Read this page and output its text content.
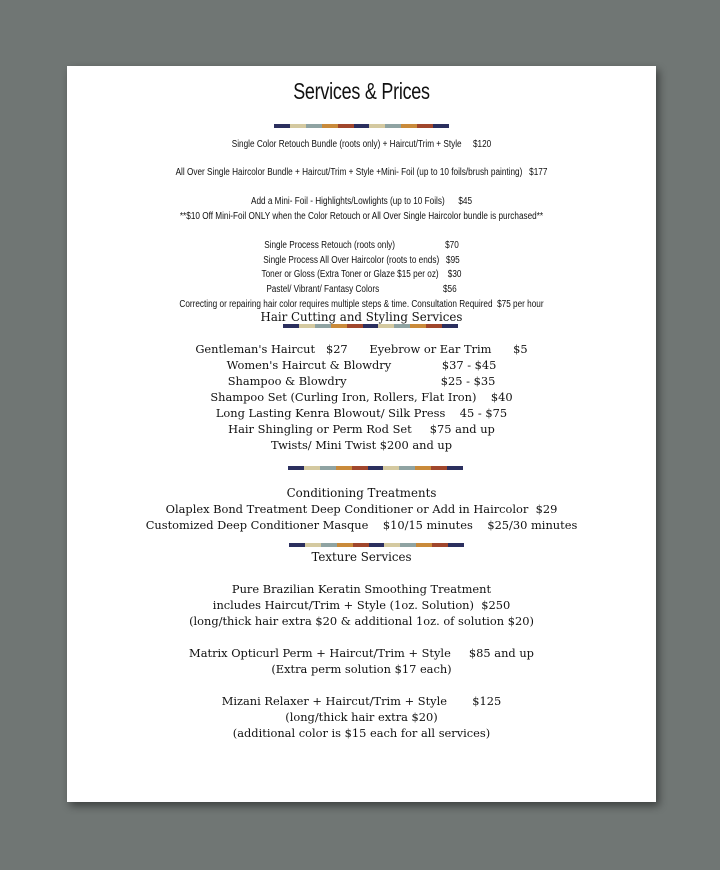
Services & Prices
Single Color Retouch Bundle (roots only) + Haircut/Trim + Style     $120
All Over Single Haircolor Bundle + Haircut/Trim + Style +Mini- Foil (up to 10 foils/brush painting)   $177
Add a Mini- Foil - Highlights/Lowlights (up to 10 Foils)      $45
**$10 Off Mini-Foil ONLY when the Color Retouch or All Over Single Haircolor bundle is purchased**
Single Process Retouch (roots only)                      $70
Single Process All Over Haircolor (roots to ends)   $95
Toner or Gloss (Extra Toner or Glaze $15 per oz)    $30
Pastel/ Vibrant/ Fantasy Colors                            $56
Correcting or repairing hair color requires multiple steps & time. Consultation Required  $75 per hour
Hair Cutting and Styling Services
Gentleman's Haircut   $27      Eyebrow or Ear Trim      $5
Women's Haircut & Blowdry              $37 - $45
Shampoo & Blowdry                          $25 - $35
Shampoo Set (Curling Iron, Rollers, Flat Iron)    $40
Long Lasting Kenra Blowout/ Silk Press    45 - $75
Hair Shingling or Perm Rod Set     $75 and up
Twists/ Mini Twist $200 and up
Conditioning Treatments
Olaplex Bond Treatment Deep Conditioner or Add in Haircolor  $29
Customized Deep Conditioner Masque    $10/15 minutes    $25/30 minutes
Texture Services
Pure Brazilian Keratin Smoothing Treatment
includes Haircut/Trim + Style (1oz. Solution)  $250
(long/thick hair extra $20 & additional 1oz. of solution $20)
Matrix Opticurl Perm + Haircut/Trim + Style     $85 and up
(Extra perm solution $17 each)
Mizani Relaxer + Haircut/Trim + Style       $125
(long/thick hair extra $20)
(additional color is $15 each for all services)
